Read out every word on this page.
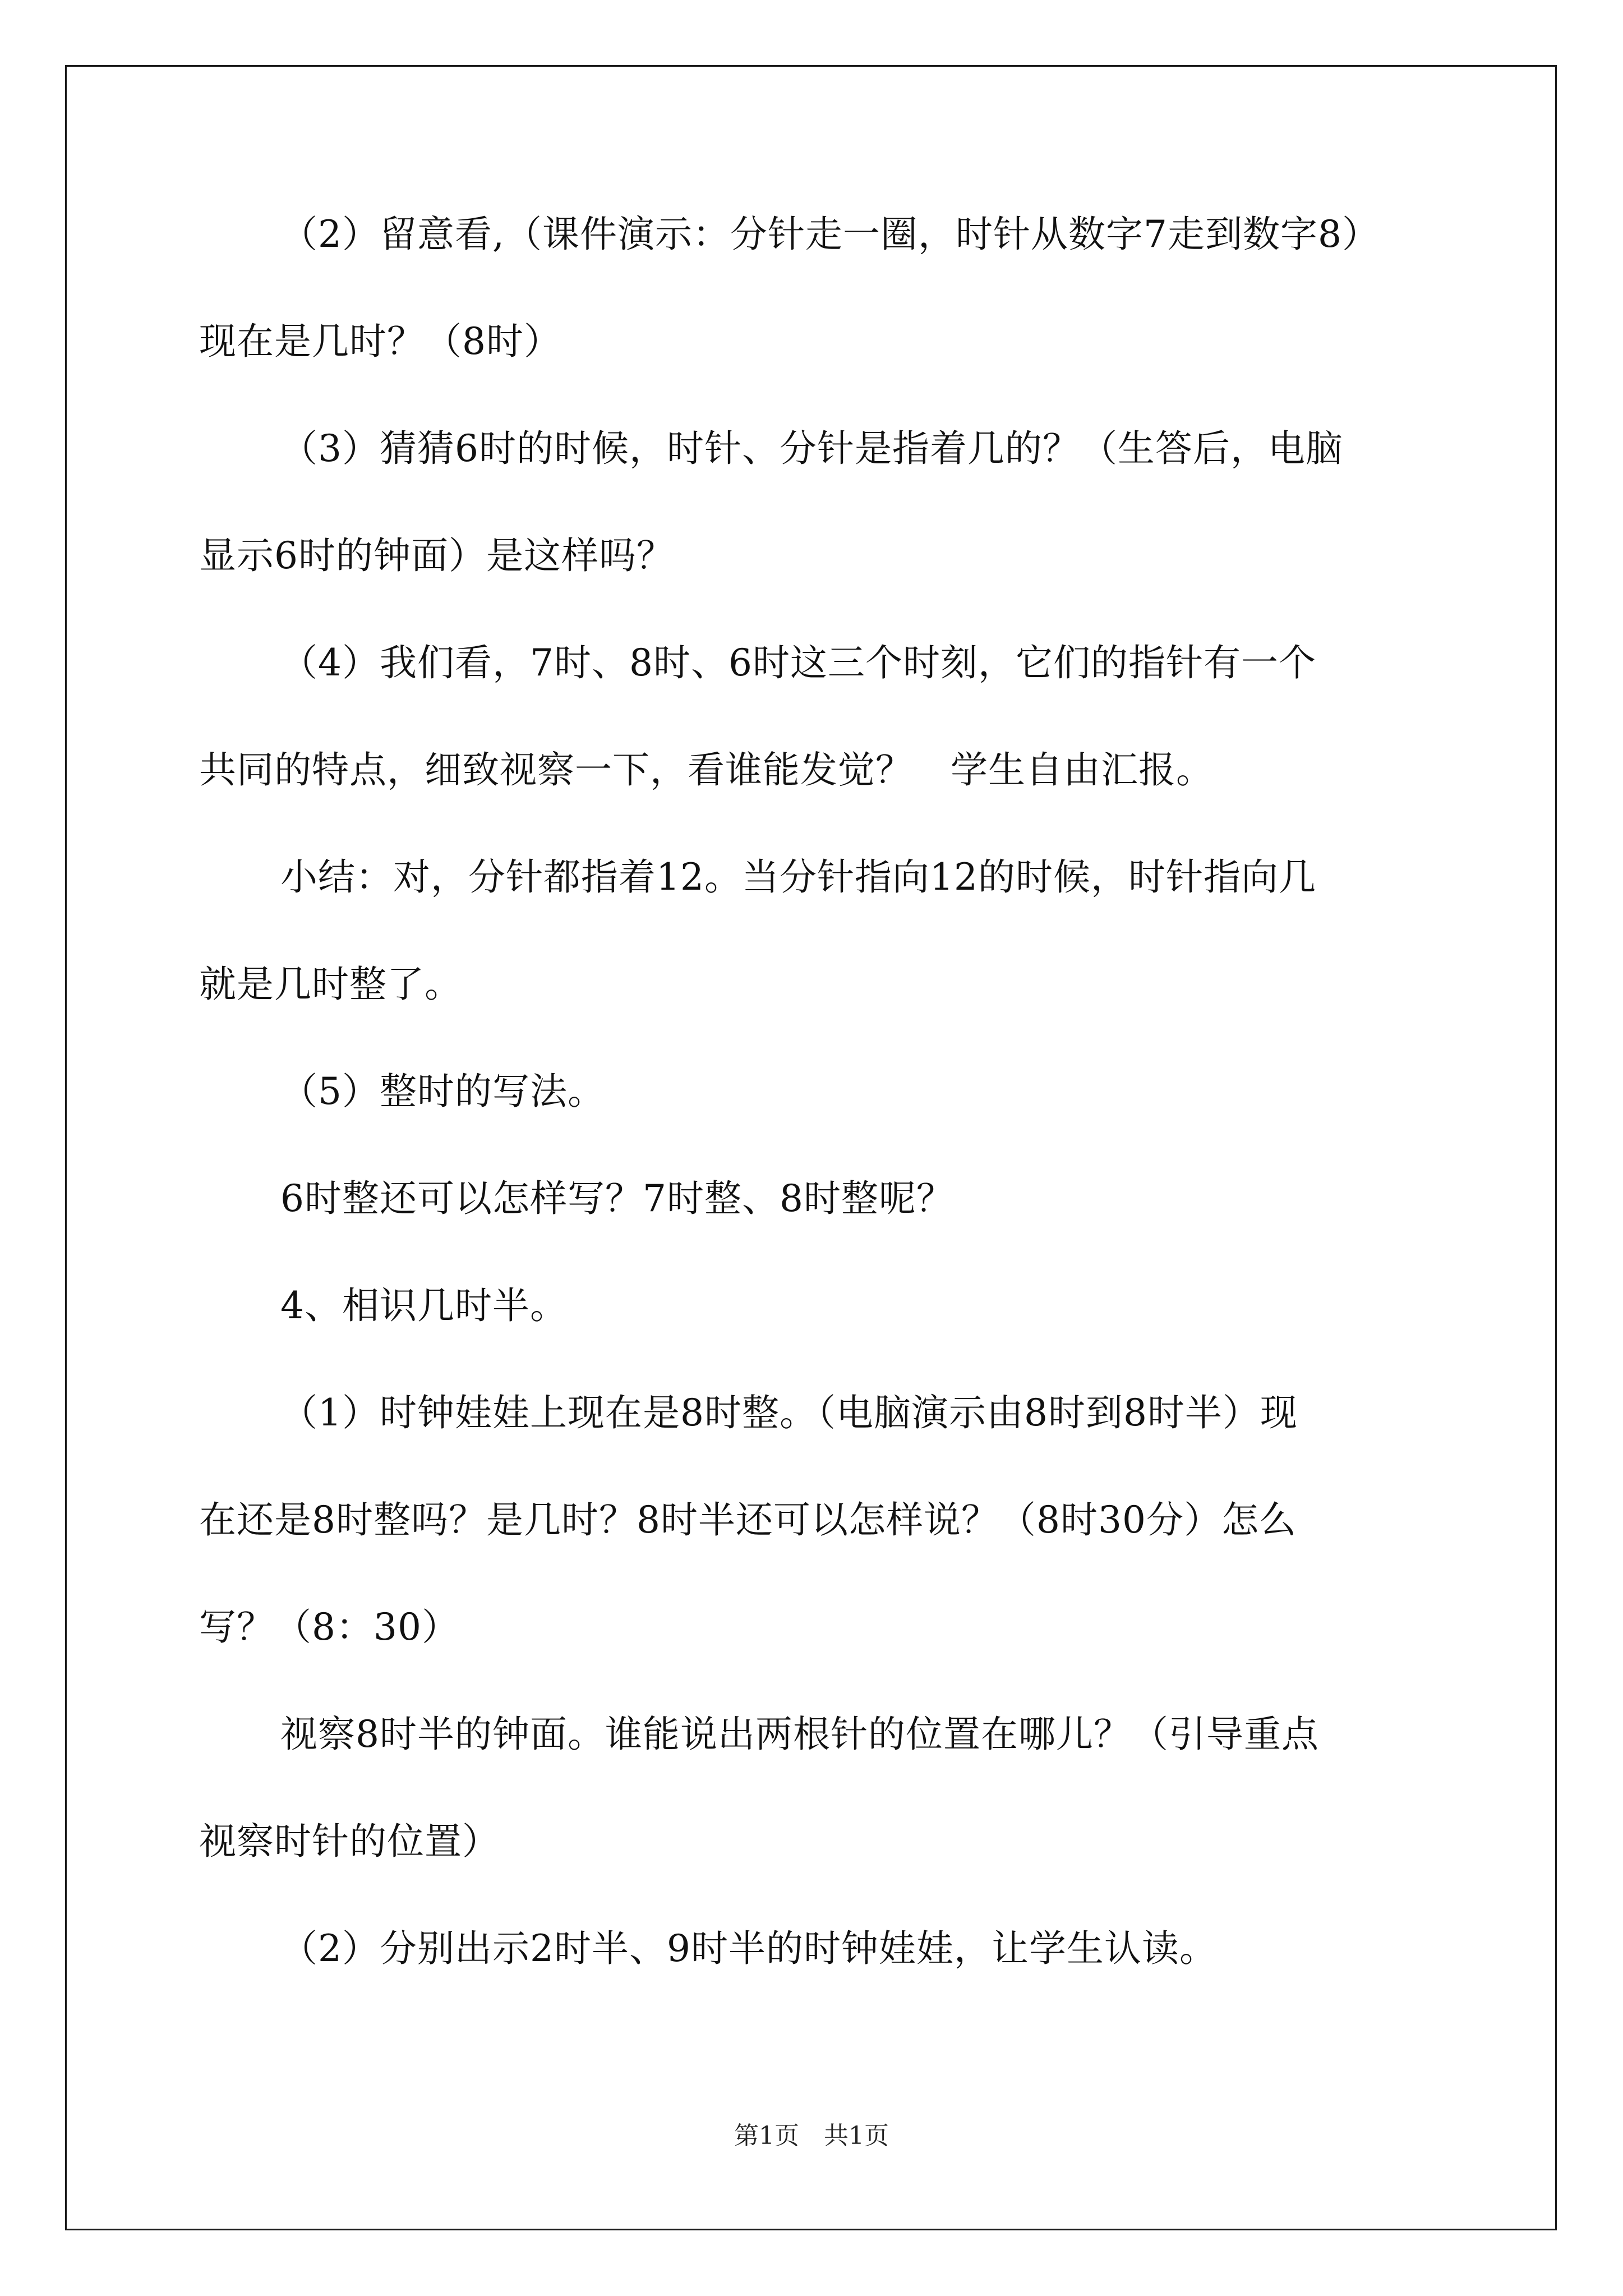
（2）留意看,（课件演示：分针走一圈，时针从数字7走到数字8）
现在是几时？（8时）
（3）猜猜6时的时候，时针、分针是指着几的？（生答后，电脑
显示6时的钟面）是这样吗？
（4）我们看，7时、8时、6时这三个时刻，它们的指针有一个
共同的特点，细致视察一下，看谁能发觉？　学生自由汇报。
小结：对，分针都指着12。当分针指向12的时候，时针指向几
就是几时整了。
（5）整时的写法。
6时整还可以怎样写？7时整、8时整呢？
4、相识几时半。
（1）时钟娃娃上现在是8时整。（电脑演示由8时到8时半）现
在还是8时整吗？是几时？8时半还可以怎样说？（8时30分）怎么
写？（8：30）
视察8时半的钟面。谁能说出两根针的位置在哪儿？（引导重点
视察时针的位置）
（2）分别出示2时半、9时半的时钟娃娃，让学生认读。
第1页　共1页
